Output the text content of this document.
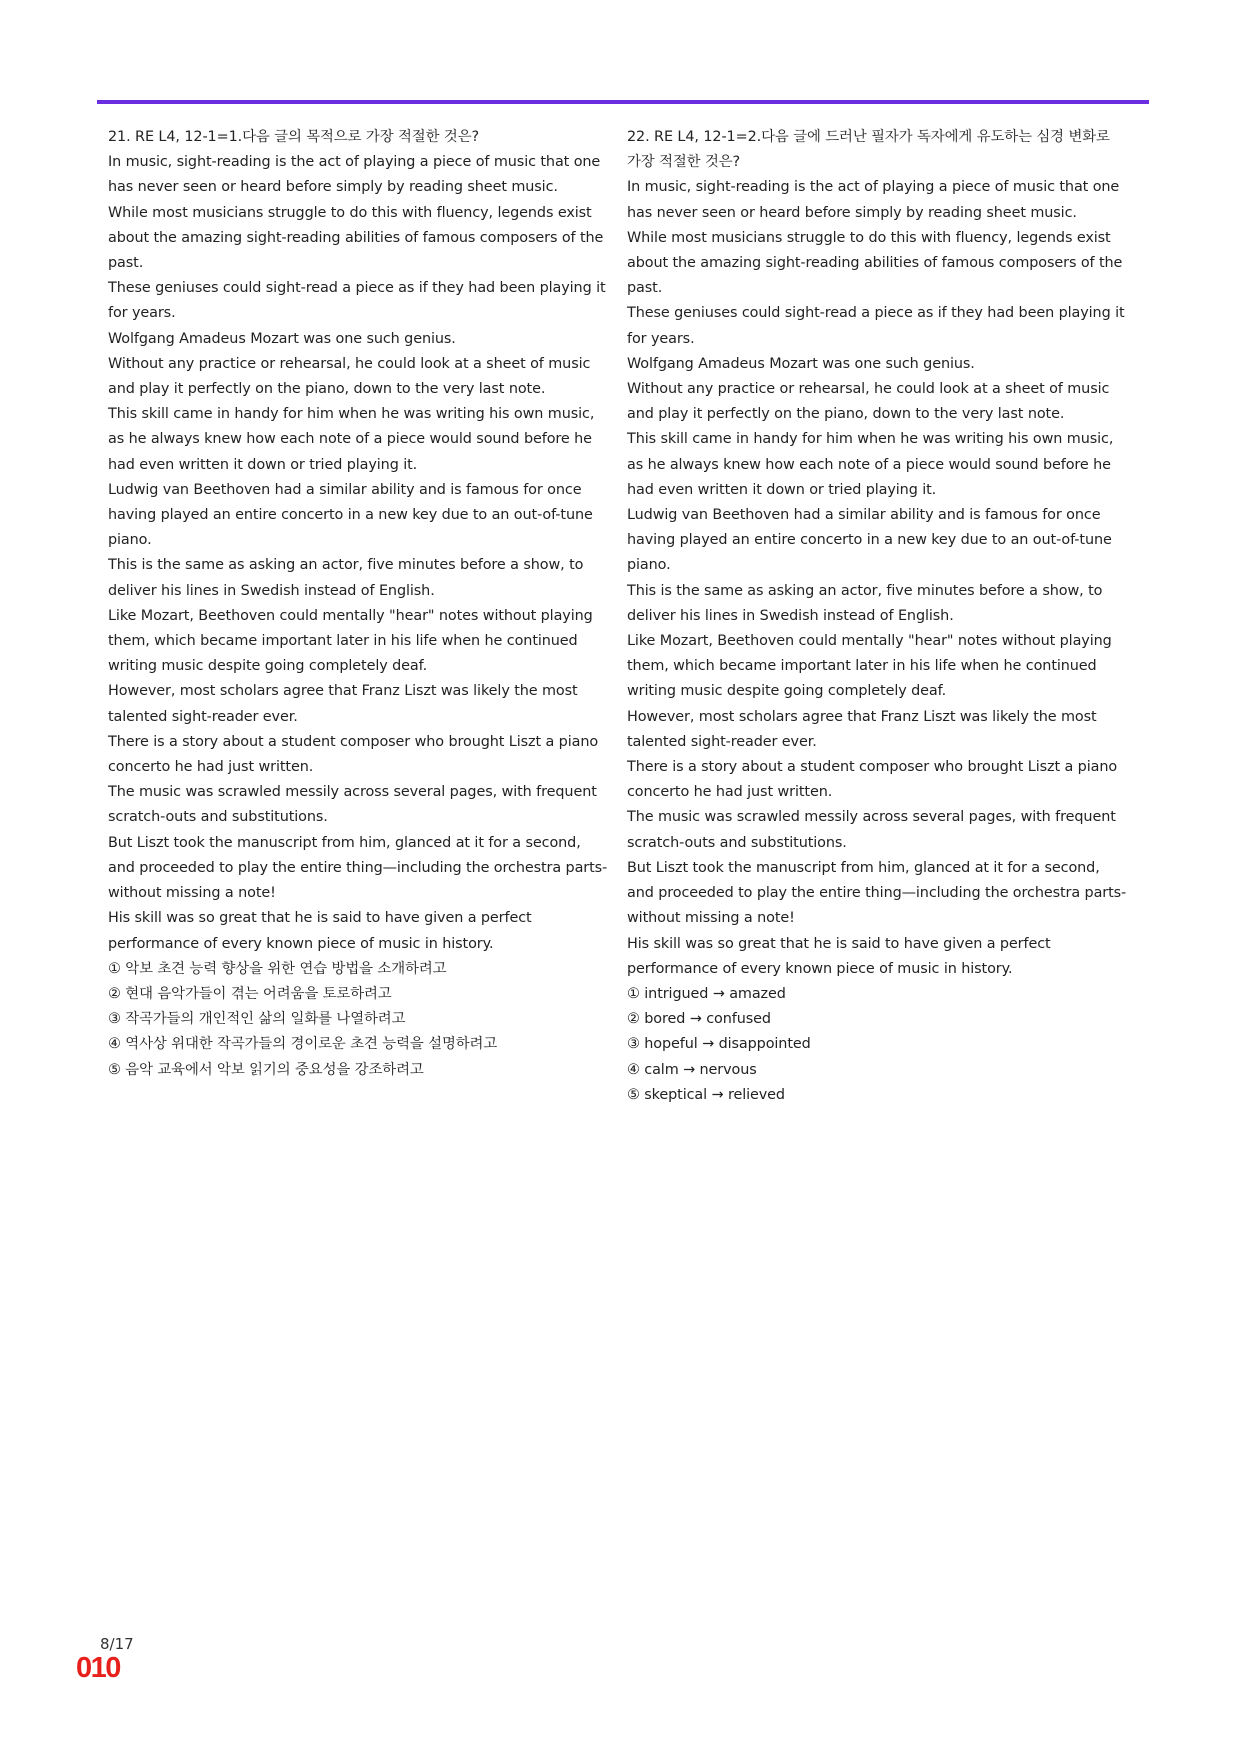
21. RE L4, 12-1=1.다음 글의 목적으로 가장 적절한 것은?

In music, sight-reading is the act of playing a piece of music that one has never seen or heard before simply by reading sheet music.

While most musicians struggle to do this with fluency, legends exist about the amazing sight-reading abilities of famous composers of the past.

These geniuses could sight-read a piece as if they had been playing it for years.

Wolfgang Amadeus Mozart was one such genius.

Without any practice or rehearsal, he could look at a sheet of music and play it perfectly on the piano, down to the very last note.

This skill came in handy for him when he was writing his own music, as he always knew how each note of a piece would sound before he had even written it down or tried playing it.

Ludwig van Beethoven had a similar ability and is famous for once having played an entire concerto in a new key due to an out-of-tune piano.

This is the same as asking an actor, five minutes before a show, to deliver his lines in Swedish instead of English.

Like Mozart, Beethoven could mentally "hear" notes without playing them, which became important later in his life when he continued writing music despite going completely deaf.

However, most scholars agree that Franz Liszt was likely the most talented sight-reader ever.

There is a story about a student composer who brought Liszt a piano concerto he had just written.

The music was scrawled messily across several pages, with frequent scratch-outs and substitutions.

But Liszt took the manuscript from him, glanced at it for a second, and proceeded to play the entire thing—including the orchestra parts-without missing a note!

His skill was so great that he is said to have given a perfect performance of every known piece of music in history.

① 악보 초견 능력 향상을 위한 연습 방법을 소개하려고

② 현대 음악가들이 겪는 어려움을 토로하려고

③ 작곡가들의 개인적인 삶의 일화를 나열하려고

④ 역사상 위대한 작곡가들의 경이로운 초견 능력을 설명하려고

⑤ 음악 교육에서 악보 읽기의 중요성을 강조하려고

22. RE L4, 12-1=2.다음 글에 드러난 필자가 독자에게 유도하는 심경 변화로 가장 적절한 것은?

In music, sight-reading is the act of playing a piece of music that one has never seen or heard before simply by reading sheet music.

While most musicians struggle to do this with fluency, legends exist about the amazing sight-reading abilities of famous composers of the past.

These geniuses could sight-read a piece as if they had been playing it for years.

Wolfgang Amadeus Mozart was one such genius.

Without any practice or rehearsal, he could look at a sheet of music and play it perfectly on the piano, down to the very last note.

This skill came in handy for him when he was writing his own music, as he always knew how each note of a piece would sound before he had even written it down or tried playing it.

Ludwig van Beethoven had a similar ability and is famous for once having played an entire concerto in a new key due to an out-of-tune piano.

This is the same as asking an actor, five minutes before a show, to deliver his lines in Swedish instead of English.

Like Mozart, Beethoven could mentally "hear" notes without playing them, which became important later in his life when he continued writing music despite going completely deaf.

However, most scholars agree that Franz Liszt was likely the most talented sight-reader ever.

There is a story about a student composer who brought Liszt a piano concerto he had just written.

The music was scrawled messily across several pages, with frequent scratch-outs and substitutions.

But Liszt took the manuscript from him, glanced at it for a second, and proceeded to play the entire thing—including the orchestra parts-without missing a note!

His skill was so great that he is said to have given a perfect performance of every known piece of music in history.

① intrigued → amazed

② bored → confused

③ hopeful → disappointed

④ calm → nervous

⑤ skeptical → relieved

8/17
010
